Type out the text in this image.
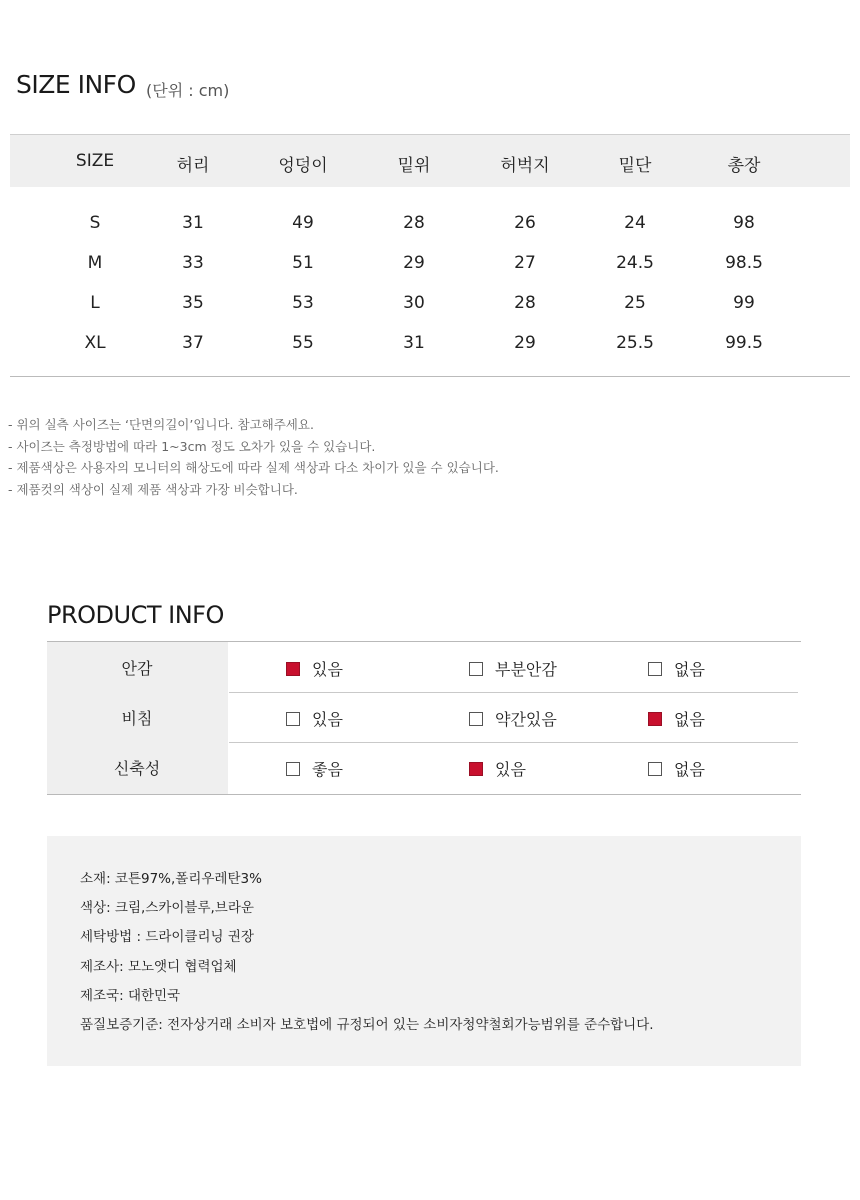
SIZE INFO (단위 : cm)
SIZE	허리	엉덩이	밑위	허벅지	밑단	총장
S	31	49	28	26	24	98
M	33	51	29	27	24.5	98.5
L	35	53	30	28	25	99
XL	37	55	31	29	25.5	99.5
- 위의 실측 사이즈는 ‘단면의길이’입니다. 참고해주세요.
- 사이즈는 측정방법에 따라 1~3cm 정도 오차가 있을 수 있습니다.
- 제품색상은 사용자의 모니터의 해상도에 따라 실제 색상과 다소 차이가 있을 수 있습니다.
- 제품컷의 색상이 실제 제품 색상과 가장 비슷합니다.
PRODUCT INFO
안감	있음	부분안감	없음
비침	있음	약간있음	없음
신축성	좋음	있음	없음
소재: 코튼97%,폴리우레탄3%
색상: 크림,스카이블루,브라운
세탁방법 : 드라이클리닝 권장
제조사: 모노앳디 협력업체
제조국: 대한민국
품질보증기준: 전자상거래 소비자 보호법에 규정되어 있는 소비자청약철회가능범위를 준수합니다.
